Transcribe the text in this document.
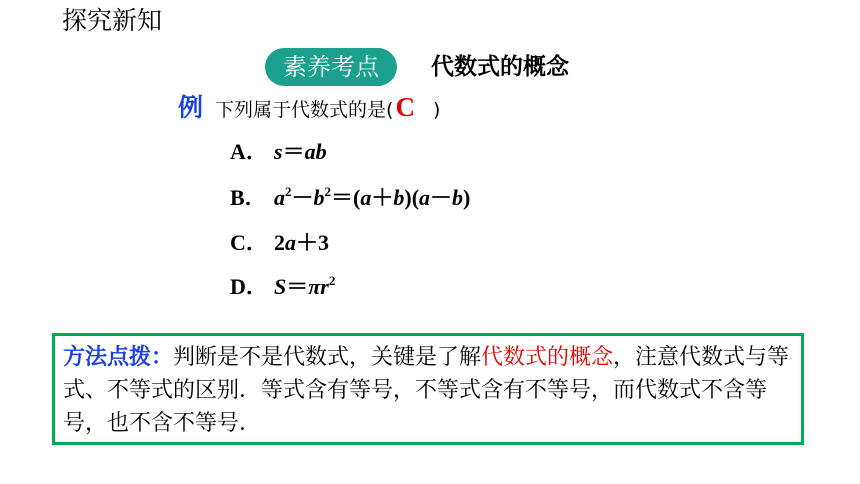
探究新知
素养考点	代数式的概念
例 下列属于代数式的是(C )
A． s＝ab
B． $a^2-b^2=(a+b)(a-b)$
C． 2a＋3
D． $S=\pi r^2$
方法点拨：判断是不是代数式，关键是了解代数式的概念，注意代数式与等式、不等式的区别．等式含有等号，不等式含有不等号，而代数式不含等号，也不含不等号．
